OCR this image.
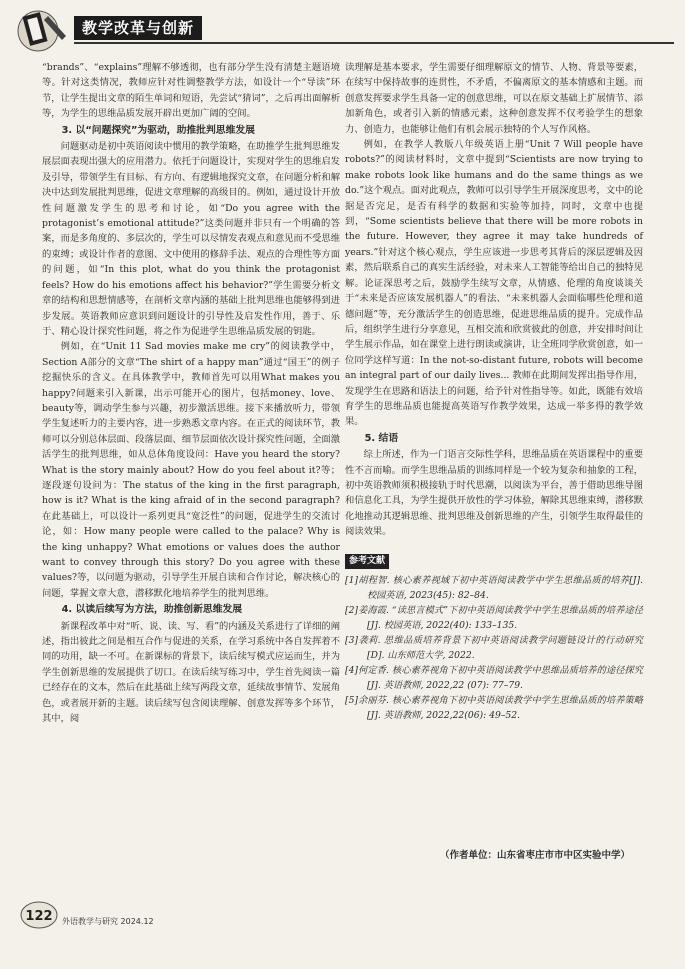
教学改革与创新

“brands”、“explains”理解不够透彻，也有部分学生没有清楚主题语境等。针对这类情况，教师应针对性调整教学方法，如设计一个“导读”环节，让学生提出文章的陌生单词和短语，先尝试“猜词”，之后再出面解析等，为学生的思维品质发展开辟出更加广阔的空间。

3. 以“问题探究”为驱动，助推批判思维发展

问题驱动是初中英语阅读中惯用的教学策略，在助推学生批判思维发展层面表现出强大的应用潜力。依托于问题设计，实现对学生的思维启发及引导，带领学生有目标、有方向、有逻辑地探究文章，在问题分析和解决中达到发展批判思维，促进文章理解的高级目的。例如，通过设计开放性问题激发学生的思考和讨论，如“Do you agree with the protagonist’s emotional attitude?”这类问题并非只有一个明确的答案，而是多角度的、多层次的，学生可以尽情发表观点和意见而不受思维的束缚；或设计作者的意图、文中使用的修辞手法、观点的合理性等方面的问题，如“In this plot, what do you think the protagonist feels? How do his emotions affect his behavior?”学生需要分析文章的结构和思想情感等，在剖析文章内涵的基础上批判思维也能够得到进步发展。英语教师应意识到问题设计的引导性及启发性作用，善于、乐于、精心设计探究性问题，将之作为促进学生思维品质发展的钥匙。

例如，在“Unit 11 Sad movies make me cry”的阅读教学中，Section A部分的文章“The shirt of a happy man”通过“国王”的例子挖掘快乐的含义。在具体教学中，教师首先可以用What makes you happy?问题来引入新课，出示可能开心的图片，包括money、love、beauty等，调动学生参与兴趣，初步激活思维。接下来播放听力，带领学生复述听力的主要内容，进一步熟悉文章内容。在正式的阅读环节，教师可以分别总体层面、段落层面、细节层面依次设计探究性问题，全面激活学生的批判思维，如从总体角度设问：Have you heard the story? What is the story mainly about? How do you feel about it?等；逐段逐句设问为：The status of the king in the first paragraph, how is it? What is the king afraid of in the second paragraph?在此基础上，可以设计一系列更具“宽泛性”的问题，促进学生的交流讨论，如：How many people were called to the palace? Why is the king unhappy? What emotions or values does the author want to convey through this story? Do you agree with these values?等，以问题为驱动，引导学生开展自读和合作讨论，解决核心的问题，掌握文章大意，潜移默化地培养学生的批判思维。

4. 以读后续写为方法，助推创新思维发展

新课程改革中对“听、说、读、写、看”的内涵及关系进行了详细的阐述，指出彼此之间是相互合作与促进的关系，在学习系统中各自发挥着不同的功用，缺一不可。在新课标的背景下，读后续写模式应运而生，并为学生创新思维的发展提供了切口。在读后续写练习中，学生首先阅读一篇已经存在的文本，然后在此基础上续写两段文章，延续故事情节、发展角色，或者展开新的主题。读后续写包含阅读理解、创意发挥等多个环节，其中，阅

读理解是基本要求，学生需要仔细理解原文的情节、人物、背景等要素，在续写中保持故事的连贯性，不矛盾，不偏离原文的基本情感和主题。而创意发挥要求学生具备一定的创意思维，可以在原文基础上扩展情节、添加新角色，或者引入新的情感元素，这种创意发挥不仅考验学生的想象力、创造力，也能够让他们有机会展示独特的个人写作风格。

例如，在教学人教版八年级英语上册“Unit 7 Will people have robots?”的阅读材料时，文章中提到“Scientists are now trying to make robots look like humans and do the same things as we do.”这个观点。面对此观点，教师可以引导学生开展深度思考，文中的论据是否完足，是否有科学的数据和实验等加持，同时，文章中也提到，“Some scientists believe that there will be more robots in the future. However, they agree it may take hundreds of years.”针对这个核心观点，学生应该进一步思考其背后的深层逻辑及因素，然后联系自己的真实生活经验，对未来人工智能等给出自己的独特见解。论证深思考之后，鼓励学生续写文章，从情感、伦理的角度谈谈关于“未来是否应该发展机器人”的看法、“未来机器人会面临哪些伦理和道德问题”等，充分激活学生的创造思维，促进思维品质的提升。完成作品后，组织学生进行分享意见，互相交流和欣赏彼此的创意，并安排时间让学生展示作品，如在课堂上进行朗读或演讲，让全班同学欣赏创意，如一位同学这样写道：In the not-so-distant future, robots will become an integral part of our daily lives... 教师在此期间发挥出指导作用，发现学生在思路和语法上的问题，给予针对性指导等。如此，既能有效培育学生的思维品质也能提高英语写作教学效果，达成一举多得的教学效果。

5. 结语

综上所述，作为一门语言交际性学科，思维品质在英语课程中的重要性不言而喻。而学生思维品质的训练同样是一个较为复杂和抽象的工程，初中英语教师须积极接轨于时代思潮，以阅读为平台，善于借助思维导图和信息化工具，为学生提供开放性的学习体验，解除其思维束缚，潜移默化地推动其逻辑思维、批判思维及创新思维的产生，引领学生取得最佳的阅读效果。

参考文献
[1]胡程智. 核心素养视域下初中英语阅读教学中学生思维品质的培养[J]. 校园英语, 2023(45): 82–84.
[2]姜海霞. “读思言模式”下初中英语阅读教学中学生思维品质的培养途径[J]. 校园英语, 2022(40): 133–135.
[3]袭莉. 思维品质培养背景下初中英语阅读教学问题链设计的行动研究[D]. 山东师范大学, 2022.
[4]何定香. 核心素养视角下初中英语阅读教学中思维品质培养的途径探究[J]. 英语教师, 2022,22 (07): 77–79.
[5]余丽芬. 核心素养视角下初中英语阅读教学中学生思维品质的培养策略[J]. 英语教师, 2022,22(06): 49–52.
（作者单位：山东省枣庄市市中区实验中学）
122 外语教学与研究 2024.12
